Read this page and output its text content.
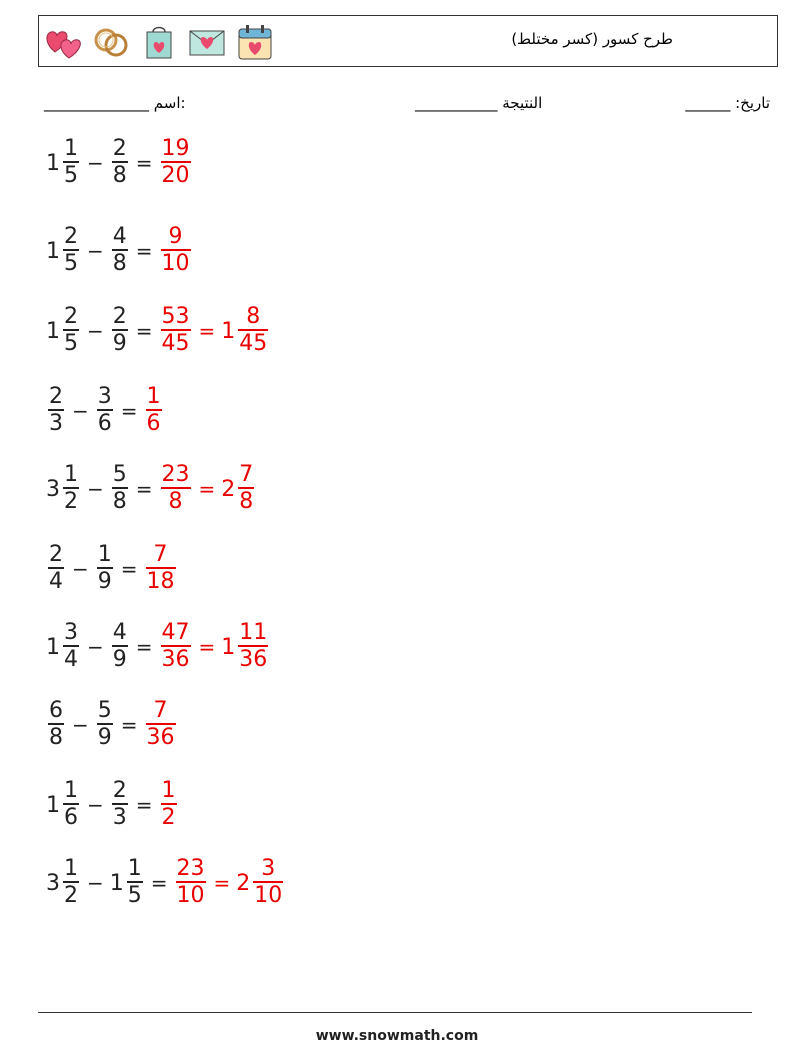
طرح كسور (كسر مختلط)
______________ اسم:	تاريخ: ______                              النتيجة ___________
$1 \frac{1}{5} - \frac{2}{8} = \frac{19}{20}$
$1 \frac{2}{5} - \frac{4}{8} = \frac{9}{10}$
$1 \frac{2}{5} - \frac{2}{9} = \frac{53}{45} = 1 \frac{8}{45}$
$\frac{2}{3} - \frac{3}{6} = \frac{1}{6}$
$3 \frac{1}{2} - \frac{5}{8} = \frac{23}{8} = 2 \frac{7}{8}$
$\frac{2}{4} - \frac{1}{9} = \frac{7}{18}$
$1 \frac{3}{4} - \frac{4}{9} = \frac{47}{36} = 1 \frac{11}{36}$
$\frac{6}{8} - \frac{5}{9} = \frac{7}{36}$
$1 \frac{1}{6} - \frac{2}{3} = \frac{1}{2}$
$3 \frac{1}{2} - 1 \frac{1}{5} = \frac{23}{10} = 2 \frac{3}{10}$
www.snowmath.com
